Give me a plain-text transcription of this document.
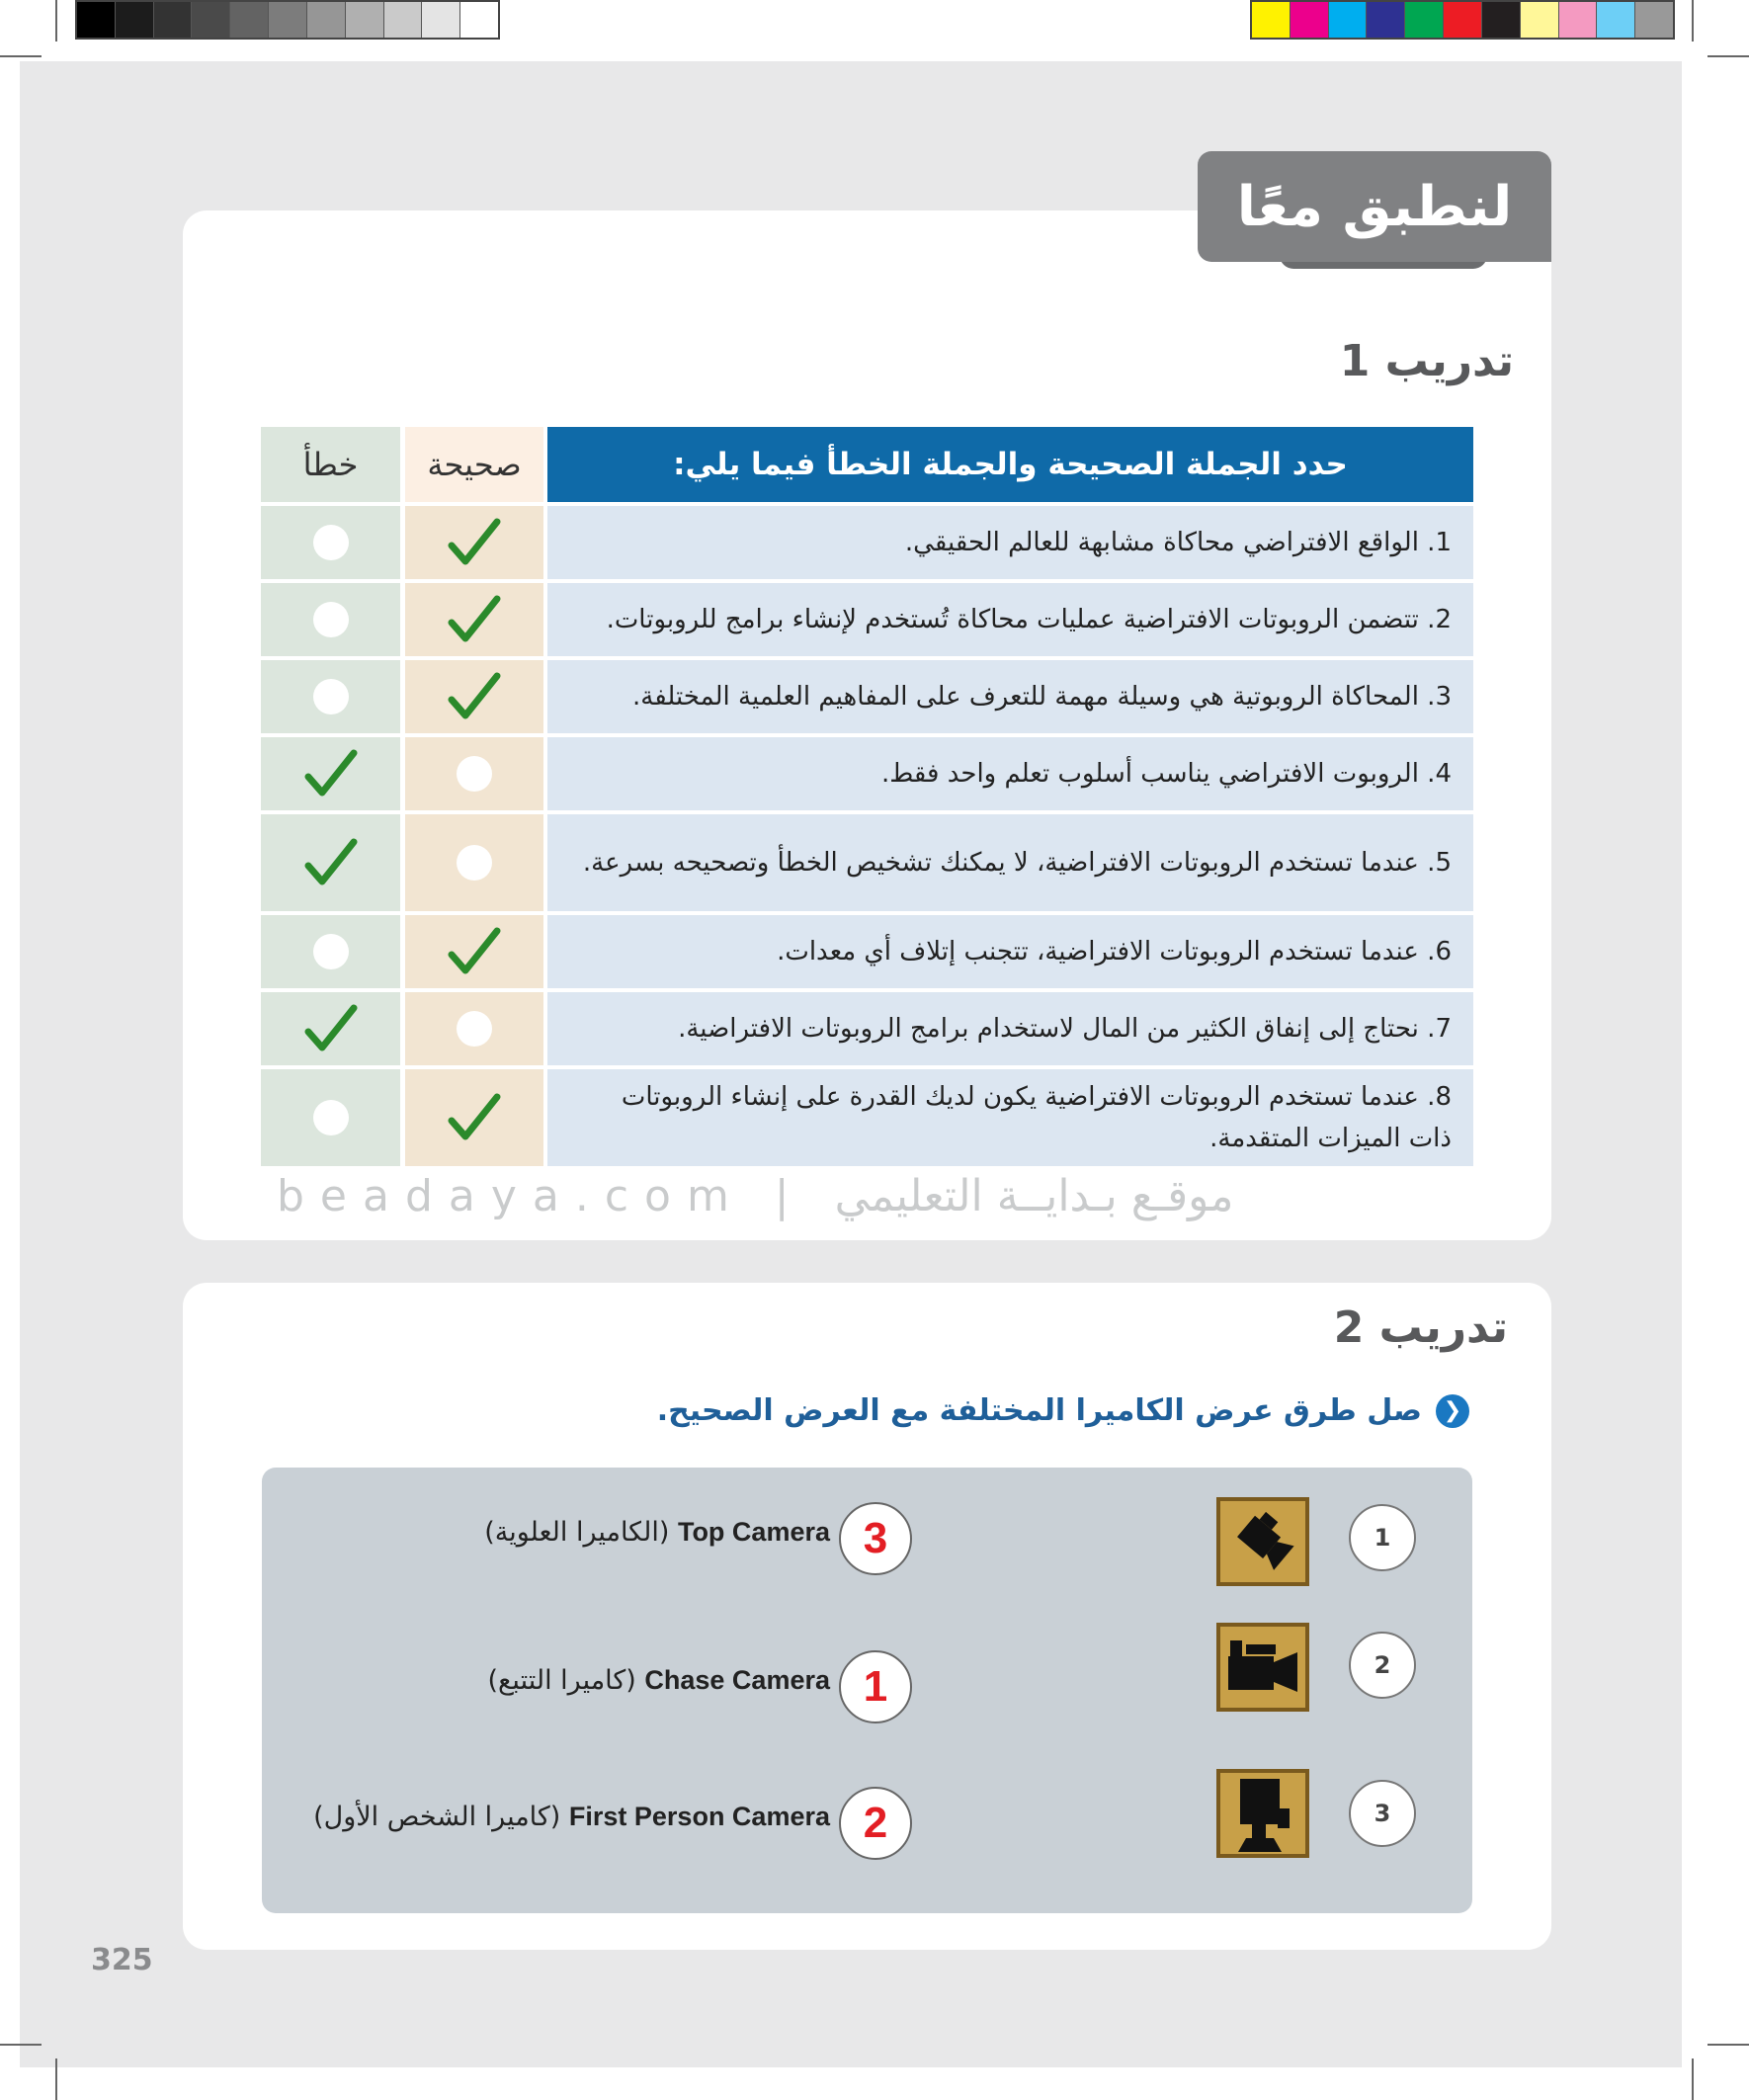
لنطبق معًا
تدريب 1
خطأ	صحيحة	حدد الجملة الصحيحة والجملة الخطأ فيما يلي:
1. الواقع الافتراضي محاكاة مشابهة للعالم الحقيقي.
2. تتضمن الروبوتات الافتراضية عمليات محاكاة تُستخدم لإنشاء برامج للروبوتات.
3. المحاكاة الروبوتية هي وسيلة مهمة للتعرف على المفاهيم العلمية المختلفة.
4. الروبوت الافتراضي يناسب أسلوب تعلم واحد فقط.
5. عندما تستخدم الروبوتات الافتراضية، لا يمكنك تشخيص الخطأ وتصحيحه بسرعة.
6. عندما تستخدم الروبوتات الافتراضية، تتجنب إتلاف أي معدات.
7. نحتاج إلى إنفاق الكثير من المال لاستخدام برامج الروبوتات الافتراضية.
8. عندما تستخدم الروبوتات الافتراضية يكون لديك القدرة على إنشاء الروبوتات ذات الميزات المتقدمة.
beadaya.com | موقـع بـدايــة التعليمي
تدريب 2
❮
صل طرق عرض الكاميرا المختلفة مع العرض الصحيح.
1
2
3
3
1
2
Top Camera (الكاميرا العلوية)
Chase Camera (كاميرا التتبع)
First Person Camera (كاميرا الشخص الأول)
325
